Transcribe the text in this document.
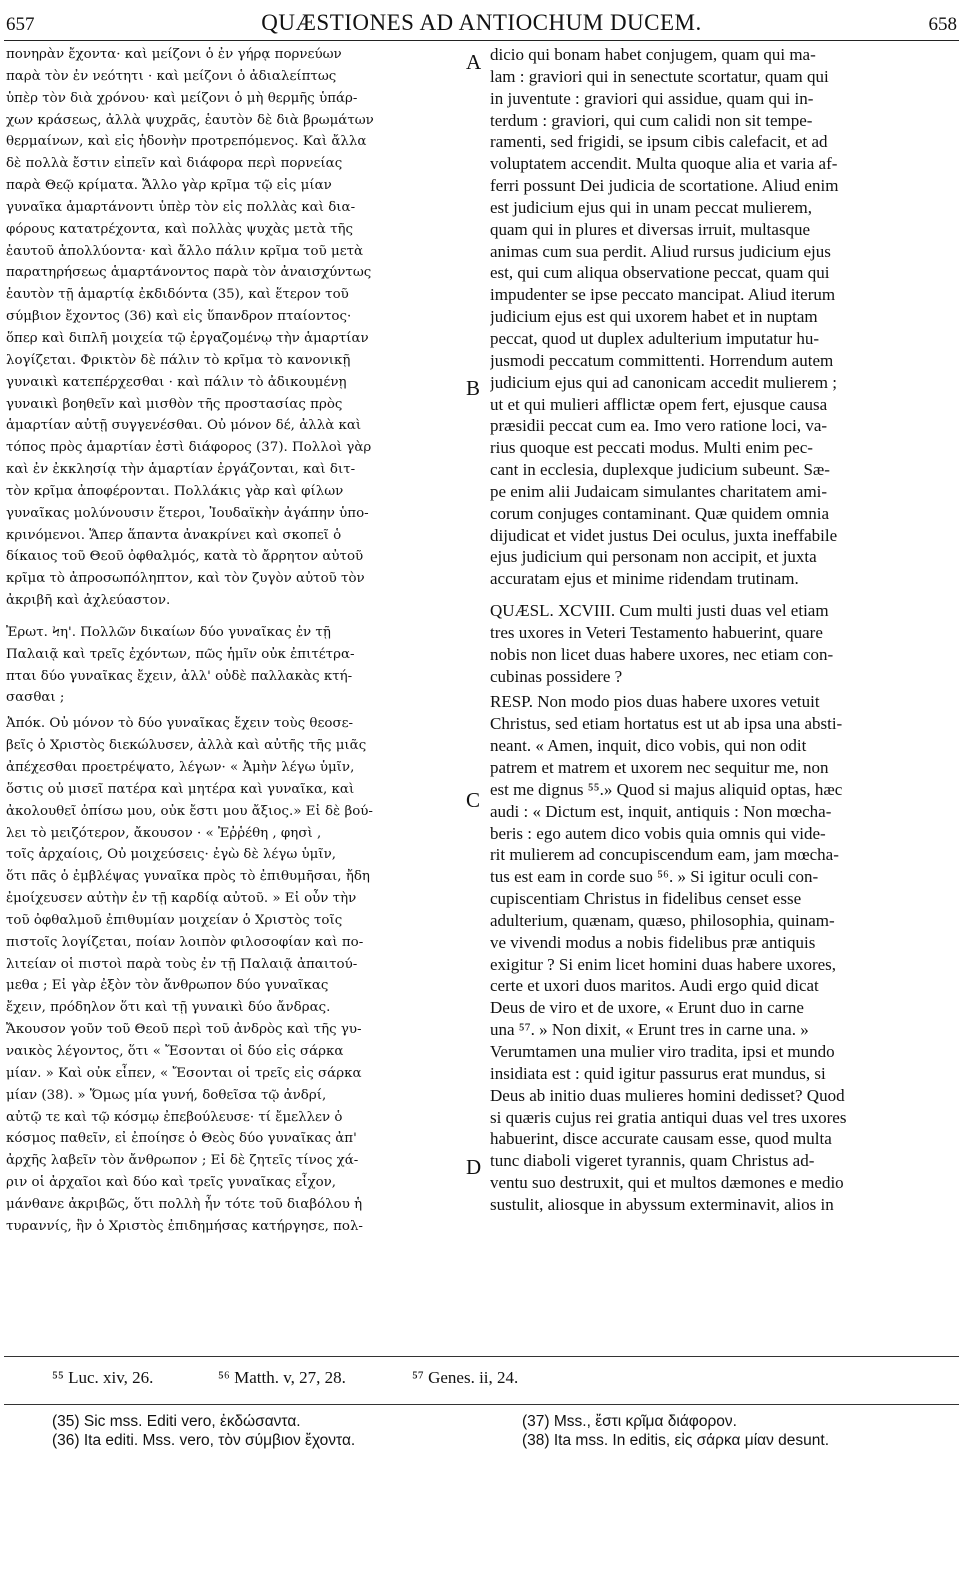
657	QUÆSTIONES AD ANTIOCHUM DUCEM.	658
πονηρὰν ἔχοντα· καὶ μείζονι ὁ ἐν γήρᾳ πορνεύων
παρὰ τὸν ἐν νεότητι · καὶ μείζονι ὁ ἀδιαλείπτως
ὑπὲρ τὸν διὰ χρόνου· καὶ μείζονι ὁ μὴ θερμῆς ὑπάρ-
χων κράσεως, ἀλλὰ ψυχρᾶς, ἑαυτὸν δὲ διὰ βρωμάτων
θερμαίνων, καὶ εἰς ἡδονὴν προτρεπόμενος. Καὶ ἄλλα
δὲ πολλὰ ἔστιν εἰπεῖν καὶ διάφορα περὶ πορνείας
παρὰ Θεῷ κρίματα. Ἄλλο γὰρ κρῖμα τῷ εἰς μίαν
γυναῖκα ἁμαρτάνοντι ὑπὲρ τὸν εἰς πολλὰς καὶ δια-
φόρους κατατρέχοντα, καὶ πολλὰς ψυχὰς μετὰ τῆς
ἑαυτοῦ ἀπολλύοντα· καὶ ἄλλο πάλιν κρῖμα τοῦ μετὰ
παρατηρήσεως ἁμαρτάνοντος παρὰ τὸν ἀναισχύντως
ἑαυτὸν τῇ ἁμαρτίᾳ ἐκδιδόντα (35), καὶ ἕτερον τοῦ
σύμβιον ἔχοντος (36) καὶ εἰς ὕπανδρον πταίοντος·
ὅπερ καὶ διπλῆ μοιχεία τῷ ἐργαζομένῳ τὴν ἁμαρτίαν
λογίζεται. Φρικτὸν δὲ πάλιν τὸ κρῖμα τὸ κανονικῇ
γυναικὶ κατεπέρχεσθαι · καὶ πάλιν τὸ ἀδικουμένῃ
γυναικὶ βοηθεῖν καὶ μισθὸν τῆς προστασίας πρὸς
ἁμαρτίαν αὐτῇ συγγενέσθαι. Οὐ μόνον δέ, ἀλλὰ καὶ
τόπος πρὸς ἁμαρτίαν ἐστὶ διάφορος (37). Πολλοὶ γὰρ
καὶ ἐν ἐκκλησίᾳ τὴν ἁμαρτίαν ἐργάζονται, καὶ διτ-
τὸν κρῖμα ἀποφέρονται. Πολλάκις γὰρ καὶ φίλων
γυναῖκας μολύνουσιν ἕτεροι, Ἰουδαϊκὴν ἀγάπην ὑπο-
κρινόμενοι. Ἅπερ ἅπαντα ἀνακρίνει καὶ σκοπεῖ ὁ
δίκαιος τοῦ Θεοῦ ὀφθαλμός, κατὰ τὸ ἄρρητον αὐτοῦ
κρῖμα τὸ ἀπροσωπόληπτον, καὶ τὸν ζυγὸν αὐτοῦ τὸν
ἀκριβῆ καὶ ἀχλεύαστον.
Ἐρωτ. Ϟη'. Πολλῶν δικαίων δύο γυναῖκας ἐν τῇ
Παλαιᾷ καὶ τρεῖς ἐχόντων, πῶς ἡμῖν οὐκ ἐπιτέτρα-
πται δύο γυναῖκας ἔχειν, ἀλλ' οὐδὲ παλλακὰς κτή-
σασθαι ;
Ἀπόκ. Οὐ μόνον τὸ δύο γυναῖκας ἔχειν τοὺς θεοσε-
βεῖς ὁ Χριστὸς διεκώλυσεν, ἀλλὰ καὶ αὐτῆς τῆς μιᾶς
ἀπέχεσθαι προετρέψατο, λέγων· « Ἀμὴν λέγω ὑμῖν,
ὅστις οὐ μισεῖ πατέρα καὶ μητέρα καὶ γυναῖκα, καὶ
ἀκολουθεῖ ὀπίσω μου, οὐκ ἔστι μου ἄξιος.» Εἰ δὲ βού-
λει τὸ μειζότερον, ἄκουσον · « Ἐῤῥέθη , φησὶ ,
τοῖς ἀρχαίοις, Οὐ μοιχεύσεις· ἐγὼ δὲ λέγω ὑμῖν,
ὅτι πᾶς ὁ ἐμβλέψας γυναῖκα πρὸς τὸ ἐπιθυμῆσαι, ἤδη
ἐμοίχευσεν αὐτὴν ἐν τῇ καρδίᾳ αὐτοῦ. » Εἰ οὖν τὴν
τοῦ ὀφθαλμοῦ ἐπιθυμίαν μοιχείαν ὁ Χριστὸς τοῖς
πιστοῖς λογίζεται, ποίαν λοιπὸν φιλοσοφίαν καὶ πο-
λιτείαν οἱ πιστοὶ παρὰ τοὺς ἐν τῇ Παλαιᾷ ἀπαιτού-
μεθα ; Εἰ γὰρ ἐξὸν τὸν ἄνθρωπον δύο γυναῖκας
ἔχειν, πρόδηλον ὅτι καὶ τῇ γυναικὶ δύο ἄνδρας.
Ἄκουσον γοῦν τοῦ Θεοῦ περὶ τοῦ ἀνδρὸς καὶ τῆς γυ-
ναικὸς λέγοντος, ὅτι « Ἔσονται οἱ δύο εἰς σάρκα
μίαν. » Καὶ οὐκ εἶπεν, « Ἔσονται οἱ τρεῖς εἰς σάρκα
μίαν (38). » Ὅμως μία γυνή, δοθεῖσα τῷ ἀνδρί,
αὐτῷ τε καὶ τῷ κόσμῳ ἐπεβούλευσε· τί ἔμελλεν ὁ
κόσμος παθεῖν, εἰ ἐποίησε ὁ Θεὸς δύο γυναῖκας ἀπ'
ἀρχῆς λαβεῖν τὸν ἄνθρωπον ; Εἰ δὲ ζητεῖς τίνος χά-
ριν οἱ ἀρχαῖοι καὶ δύο καὶ τρεῖς γυναῖκας εἶχον,
μάνθανε ἀκριβῶς, ὅτι πολλὴ ἦν τότε τοῦ διαβόλου ἡ
τυραννίς, ἣν ὁ Χριστὸς ἐπιδημήσας κατήργησε, πολ-
dicio qui bonam habet conjugem, quam qui ma-
lam : graviori qui in senectute scortatur, quam qui
in juventute : graviori qui assidue, quam qui in-
terdum : graviori, qui cum calidi non sit tempe-
ramenti, sed frigidi, se ipsum cibis calefacit, et ad
voluptatem accendit. Multa quoque alia et varia af-
ferri possunt Dei judicia de scortatione. Aliud enim
est judicium ejus qui in unam peccat mulierem,
quam qui in plures et diversas irruit, multasque
animas cum sua perdit. Aliud rursus judicium ejus
est, qui cum aliqua observatione peccat, quam qui
impudenter se ipse peccato mancipat. Aliud iterum
judicium ejus est qui uxorem habet et in nuptam
peccat, quod ut duplex adulterium imputatur hu-
jusmodi peccatum committenti. Horrendum autem
judicium ejus qui ad canonicam accedit mulierem ;
ut et qui mulieri afflictæ opem fert, ejusque causa
præsidii peccat cum ea. Imo vero ratione loci, va-
rius quoque est peccati modus. Multi enim pec-
cant in ecclesia, duplexque judicium subeunt. Sæ-
pe enim alii Judaicam simulantes charitatem ami-
corum conjuges contaminant. Quæ quidem omnia
dijudicat et videt justus Dei oculus, juxta ineffabile
ejus judicium qui personam non accipit, et juxta
accuratam ejus et minime ridendam trutinam.
QUÆSL. XCVIII. Cum multi justi duas vel etiam
tres uxores in Veteri Testamento habuerint, quare
nobis non licet duas habere uxores, nec etiam con-
cubinas possidere ?
RESP. Non modo pios duas habere uxores vetuit
Christus, sed etiam hortatus est ut ab ipsa una absti-
neant. « Amen, inquit, dico vobis, qui non odit
patrem et matrem et uxorem nec sequitur me, non
est me dignus ⁵⁵.» Quod si majus aliquid optas, hæc
audi : « Dictum est, inquit, antiquis : Non mœcha-
beris : ego autem dico vobis quia omnis qui vide-
rit mulierem ad concupiscendum eam, jam mœcha-
tus est eam in corde suo ⁵⁶. » Si igitur oculi con-
cupiscentiam Christus in fidelibus censet esse
adulterium, quænam, quæso, philosophia, quinam-
ve vivendi modus a nobis fidelibus præ antiquis
exigitur ? Si enim licet homini duas habere uxores,
certe et uxori duos maritos. Audi ergo quid dicat
Deus de viro et de uxore, « Erunt duo in carne
una ⁵⁷. » Non dixit, « Erunt tres in carne una. »
Verumtamen una mulier viro tradita, ipsi et mundo
insidiata est : quid igitur passurus erat mundus, si
Deus ab initio duas mulieres homini dedisset? Quod
si quæris cujus rei gratia antiqui duas vel tres uxores
habuerint, disce accurate causam esse, quod multa
tunc diaboli vigeret tyrannis, quam Christus ad-
ventu suo destruxit, qui et multos dæmones e medio
sustulit, aliosque in abyssum exterminavit, alios in
A
B
C
D
⁵⁵ Luc. xiv, 26.	⁵⁶ Matth. v, 27, 28.	⁵⁷ Genes. ii, 24.
(35) Sic mss. Editi vero, ἐκδώσαντα.
(36) Ita editi. Mss. vero, τὸν σύμβιον ἔχοντα.
(37) Mss., ἔστι κρῖμα διάφορον.
(38) Ita mss. In editis, εἰς σάρκα μίαν desunt.
